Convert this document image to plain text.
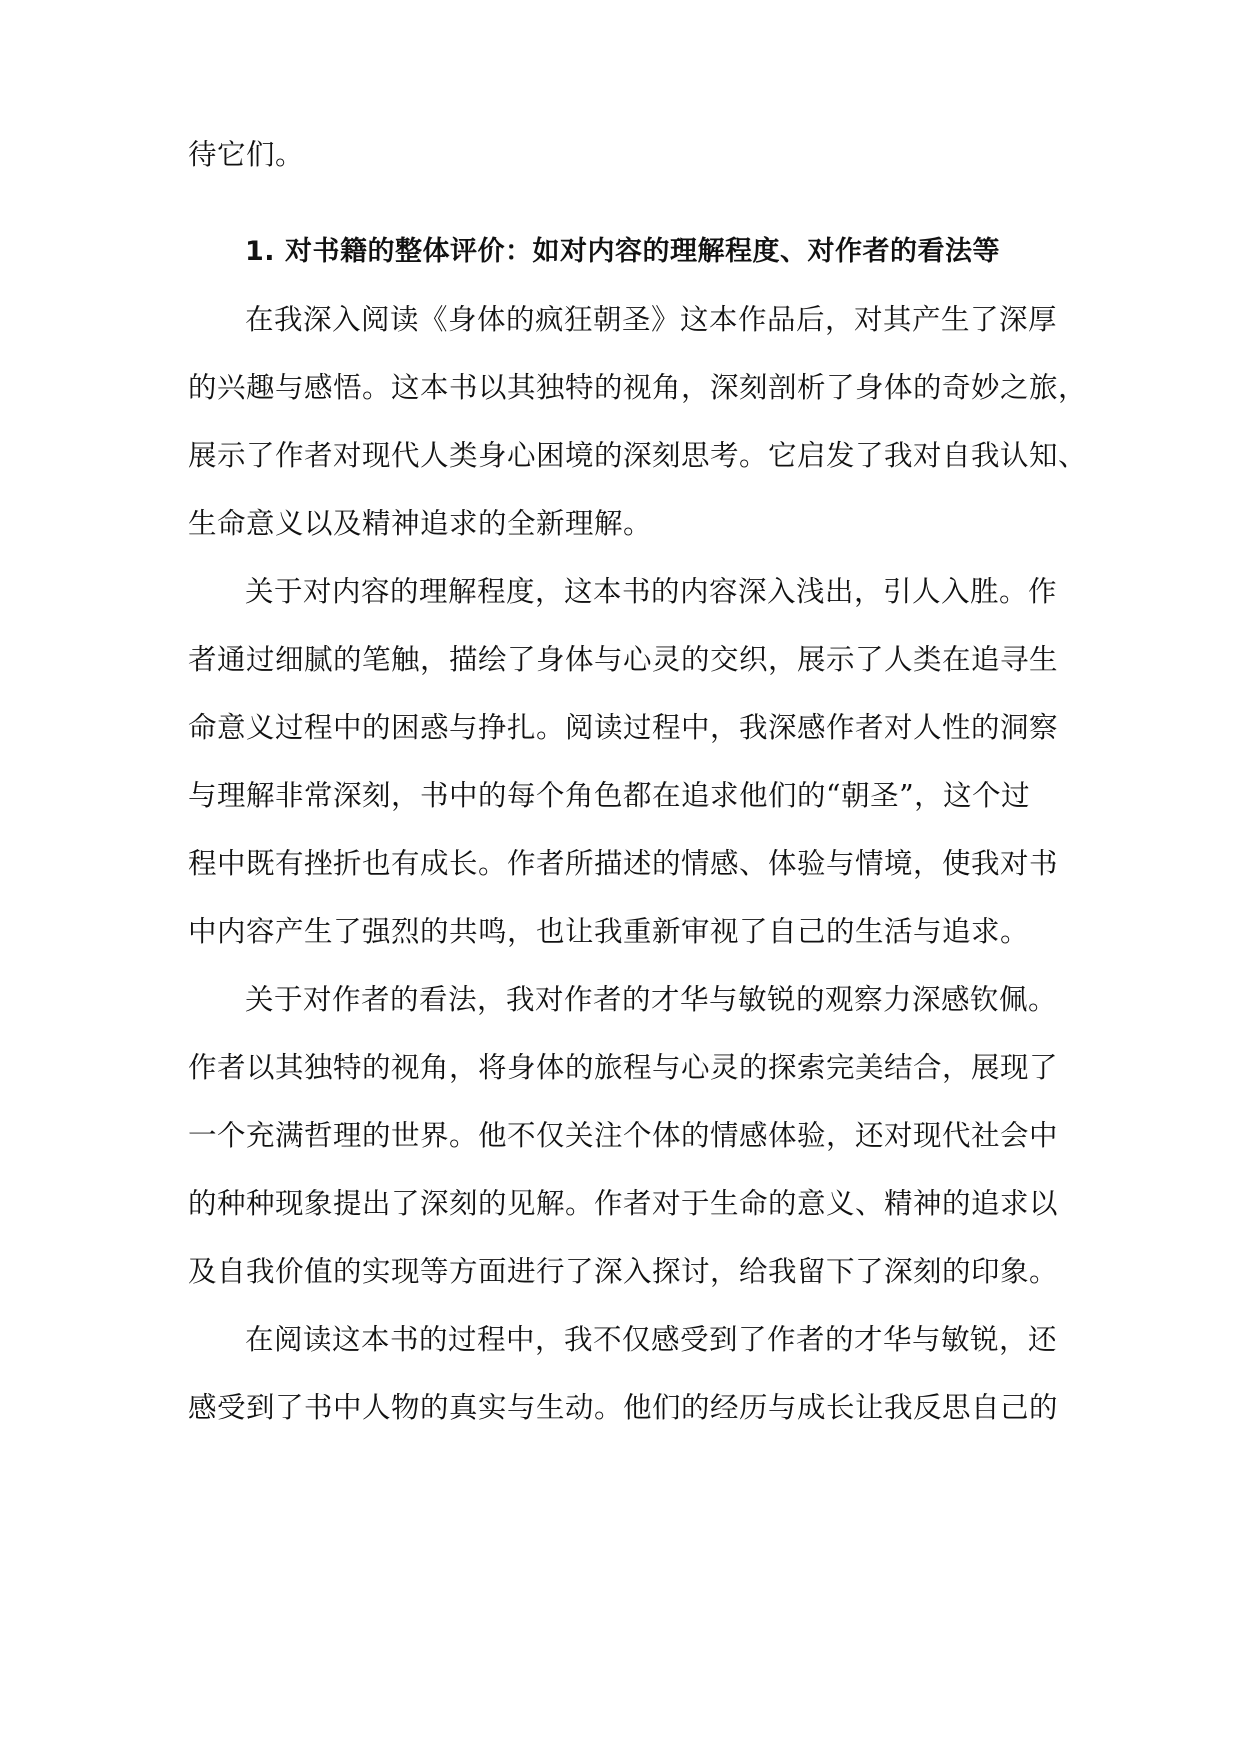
待它们。
1. 对书籍的整体评价：如对内容的理解程度、对作者的看法等
在我深入阅读《身体的疯狂朝圣》这本作品后，对其产生了深厚
的兴趣与感悟。这本书以其独特的视角，深刻剖析了身体的奇妙之旅，
展示了作者对现代人类身心困境的深刻思考。它启发了我对自我认知、
生命意义以及精神追求的全新理解。
关于对内容的理解程度，这本书的内容深入浅出，引人入胜。作
者通过细腻的笔触，描绘了身体与心灵的交织，展示了人类在追寻生
命意义过程中的困惑与挣扎。阅读过程中，我深感作者对人性的洞察
与理解非常深刻，书中的每个角色都在追求他们的“朝圣”，这个过
程中既有挫折也有成长。作者所描述的情感、体验与情境，使我对书
中内容产生了强烈的共鸣，也让我重新审视了自己的生活与追求。
关于对作者的看法，我对作者的才华与敏锐的观察力深感钦佩。
作者以其独特的视角，将身体的旅程与心灵的探索完美结合，展现了
一个充满哲理的世界。他不仅关注个体的情感体验，还对现代社会中
的种种现象提出了深刻的见解。作者对于生命的意义、精神的追求以
及自我价值的实现等方面进行了深入探讨，给我留下了深刻的印象。
在阅读这本书的过程中，我不仅感受到了作者的才华与敏锐，还
感受到了书中人物的真实与生动。他们的经历与成长让我反思自己的
